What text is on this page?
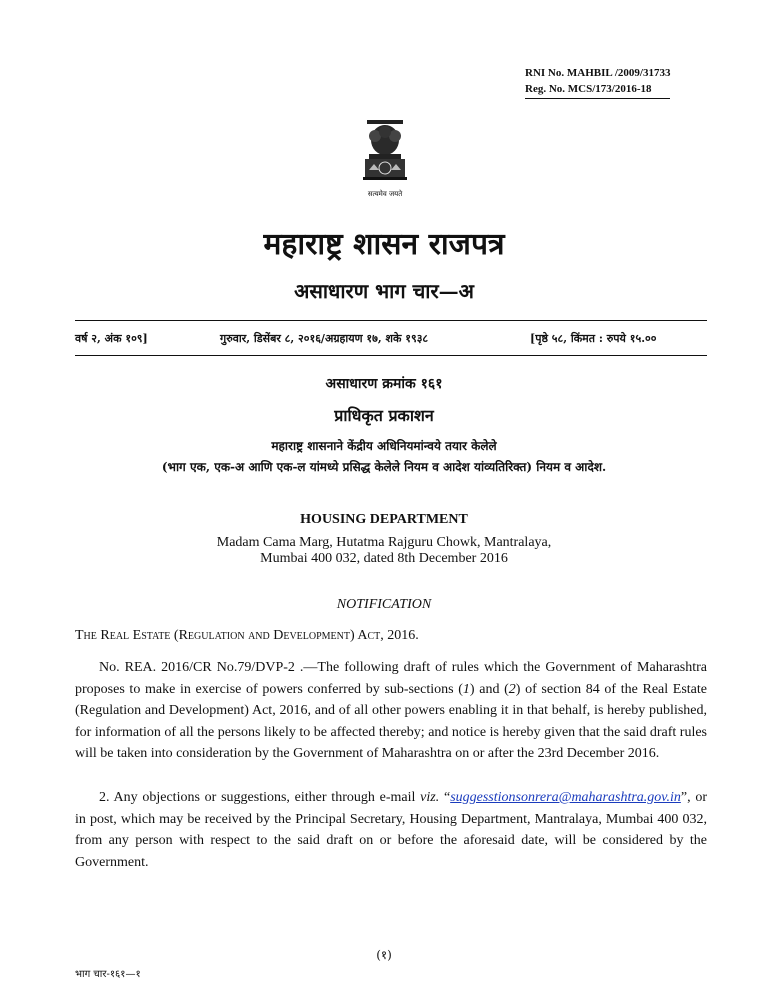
RNI No. MAHBIL /2009/31733

Reg. No. MCS/173/2016-18
सत्यमेव जयते
महाराष्ट्र शासन राजपत्र
असाधारण भाग चार—अ
वर्ष २, अंक १०९]	गुरुवार, डिसेंबर ८, २०१६/अग्रहायण १७, शके १९३८	[पृष्ठे ५८, किंमत : रुपये १५.००
असाधारण क्रमांक १६१
प्राधिकृत प्रकाशन
महाराष्ट्र शासनाने केंद्रीय अधिनियमांन्वये तयार केलेले
(भाग एक, एक-अ आणि एक-ल यांमध्ये प्रसिद्ध केलेले नियम व आदेश यांव्यतिरिक्त) नियम व आदेश.
HOUSING DEPARTMENT
Madam Cama Marg, Hutatma Rajguru Chowk, Mantralaya,
Mumbai 400 032, dated 8th December 2016
NOTIFICATION
The Real Estate (Regulation and Development) Act, 2016.
No. REA. 2016/CR No.79/DVP-2 .—The following draft of rules which the Government of Maharashtra proposes to make in exercise of powers conferred by sub-sections (1) and (2) of section 84 of the Real Estate (Regulation and Development) Act, 2016, and of all other powers enabling it in that behalf, is hereby published, for information of all the persons likely to be affected thereby; and notice is hereby given that the said draft rules will be taken into consideration by the Government of Maharashtra on or after the 23rd December 2016.
2. Any objections or suggestions, either through e-mail viz. “suggesstionsonrera@maharashtra.gov.in”, or in post, which may be received by the Principal Secretary, Housing Department, Mantralaya, Mumbai 400 032, from any person with respect to the said draft on or before the aforesaid date, will be considered by the Government.
(१)
भाग चार-१६१—१
